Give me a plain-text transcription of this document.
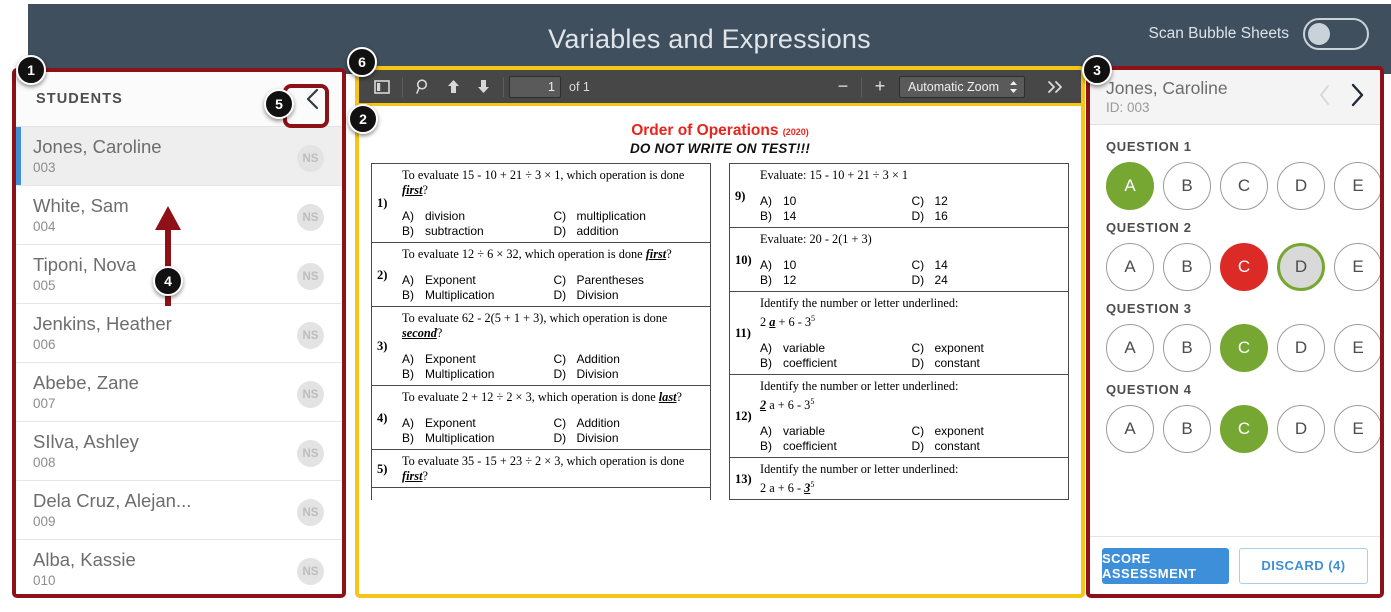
Variables and Expressions	Scan Bubble Sheets
STUDENTS
Jones, Caroline
003
NS
White, Sam
004
NS
Tiponi, Nova
005
NS
Jenkins, Heather
006
NS
Abebe, Zane
007
NS
SIlva, Ashley
008
NS
Dela Cruz, Alejan...
009
NS
Alba, Kassie
010
NS
1	of 1	−	+	Automatic Zoom
Order of Operations (2020)
DO NOT WRITE ON TEST!!!
1)
To evaluate 15 - 10 + 21 ÷ 3 × 1, which operation is done first?
A) division
B) subtraction
C) multiplication
D) addition
2)
To evaluate 12 ÷ 6 × 32, which operation is done first?
A) Exponent
B) Multiplication
C) Parentheses
D) Division
3)
To evaluate 62 - 2(5 + 1 + 3), which operation is done second?
A) Exponent
B) Multiplication
C) Addition
D) Division
4)
To evaluate 2 + 12 ÷ 2 × 3, which operation is done last?
A) Exponent
B) Multiplication
C) Addition
D) Division
5)
To evaluate 35 - 15 + 23 ÷ 2 × 3, which operation is done first?
9)
Evaluate: 15 - 10 + 21 ÷ 3 × 1
A) 10
B) 14
C) 12
D) 16
10)
Evaluate: 20 - 2(1 + 3)
A) 10
B) 12
C) 14
D) 24
11)
Identify the number or letter underlined:
2 $a + 6 - 3^5$
A) variable
B) coefficient
C) exponent
D) constant
12)
Identify the number or letter underlined:
2 $a + 6 - 3^5$
A) variable
B) coefficient
C) exponent
D) constant
13)
Identify the number or letter underlined:
2 $a + 6 - 3^5$
Jones, Caroline
ID: 003
QUESTION 1
A	B	C	D	E
QUESTION 2
A	B	C	D	E
QUESTION 3
A	B	C	D	E
QUESTION 4
A	B	C	D	E
SCORE ASSESSMENT	DISCARD (4)
1
2
3
4
5
6
